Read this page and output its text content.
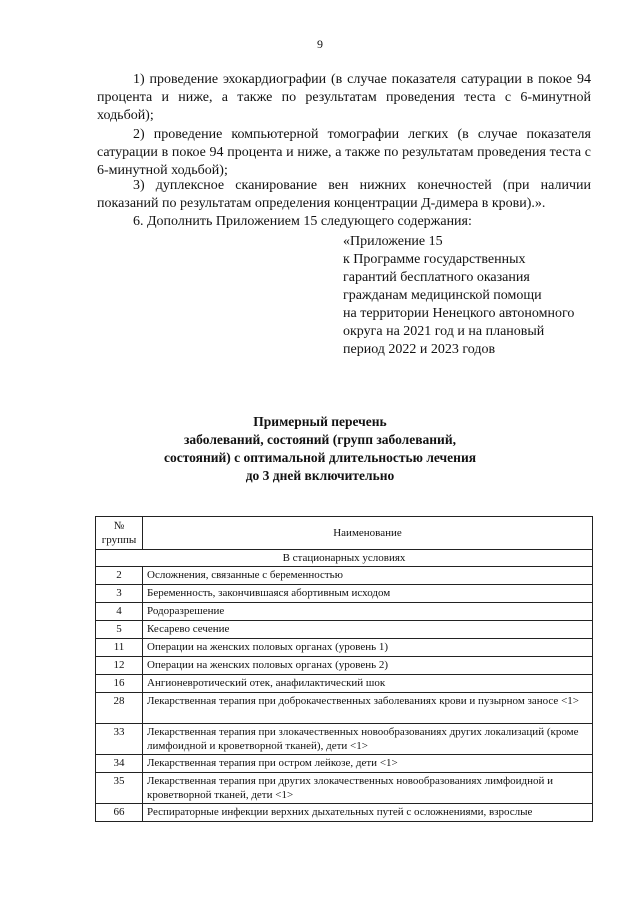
9
1) проведение эхокардиографии (в случае показателя сатурации в покое 94 процента и ниже, а также по результатам проведения теста с 6-минутной ходьбой);
2) проведение компьютерной томографии легких (в случае показателя сатурации в покое 94 процента и ниже, а также по результатам проведения теста с 6-минутной ходьбой);
3) дуплексное сканирование вен нижних конечностей (при наличии показаний по результатам определения концентрации Д-димера в крови).».
6. Дополнить Приложением 15 следующего содержания:
«Приложение 15
к Программе государственных
гарантий бесплатного оказания
гражданам медицинской помощи
на территории Ненецкого автономного
округа на 2021 год и на плановый
период 2022 и 2023 годов
Примерный перечень
заболеваний, состояний (групп заболеваний,
состояний) с оптимальной длительностью лечения
до 3 дней включительно
№
группы	Наименование
В стационарных условиях	
2	Осложнения, связанные с беременностью
3	Беременность, закончившаяся абортивным исходом
4	Родоразрешение
5	Кесарево сечение
11	Операции на женских половых органах (уровень 1)
12	Операции на женских половых органах (уровень 2)
16	Ангионевротический отек, анафилактический шок
28	Лекарственная терапия при доброкачественных заболеваниях крови и пузырном заносе <1>
33	Лекарственная терапия при злокачественных новообразованиях других локализаций (кроме лимфоидной и кроветворной тканей), дети <1>
34	Лекарственная терапия при остром лейкозе, дети <1>
35	Лекарственная терапия при других злокачественных новообразованиях лимфоидной и кроветворной тканей, дети <1>
66	Респираторные инфекции верхних дыхательных путей с осложнениями, взрослые
